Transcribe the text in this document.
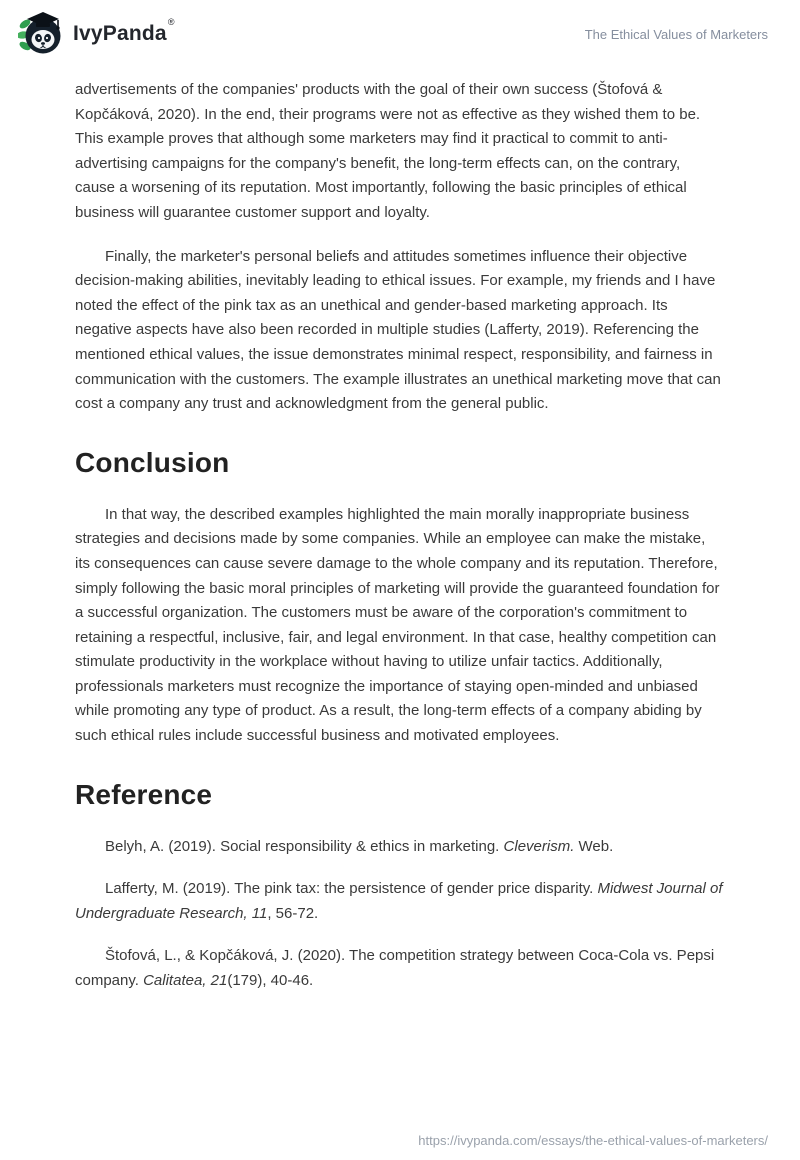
IvyPanda®
The Ethical Values of Marketers

advertisements of the companies' products with the goal of their own success (Štofová & Kopčáková, 2020). In the end, their programs were not as effective as they wished them to be. This example proves that although some marketers may find it practical to commit to anti-advertising campaigns for the company's benefit, the long-term effects can, on the contrary, cause a worsening of its reputation. Most importantly, following the basic principles of ethical business will guarantee customer support and loyalty.

Finally, the marketer's personal beliefs and attitudes sometimes influence their objective decision-making abilities, inevitably leading to ethical issues. For example, my friends and I have noted the effect of the pink tax as an unethical and gender-based marketing approach. Its negative aspects have also been recorded in multiple studies (Lafferty, 2019). Referencing the mentioned ethical values, the issue demonstrates minimal respect, responsibility, and fairness in communication with the customers. The example illustrates an unethical marketing move that can cost a company any trust and acknowledgment from the general public.

Conclusion

In that way, the described examples highlighted the main morally inappropriate business strategies and decisions made by some companies. While an employee can make the mistake, its consequences can cause severe damage to the whole company and its reputation. Therefore, simply following the basic moral principles of marketing will provide the guaranteed foundation for a successful organization. The customers must be aware of the corporation's commitment to retaining a respectful, inclusive, fair, and legal environment. In that case, healthy competition can stimulate productivity in the workplace without having to utilize unfair tactics. Additionally, professionals marketers must recognize the importance of staying open-minded and unbiased while promoting any type of product. As a result, the long-term effects of a company abiding by such ethical rules include successful business and motivated employees.

Reference

Belyh, A. (2019). Social responsibility & ethics in marketing. Cleverism. Web.

Lafferty, M. (2019). The pink tax: the persistence of gender price disparity. Midwest Journal of Undergraduate Research, 11, 56-72.

Štofová, L., & Kopčáková, J. (2020). The competition strategy between Coca-Cola vs. Pepsi company. Calitatea, 21(179), 40-46.

https://ivypanda.com/essays/the-ethical-values-of-marketers/
